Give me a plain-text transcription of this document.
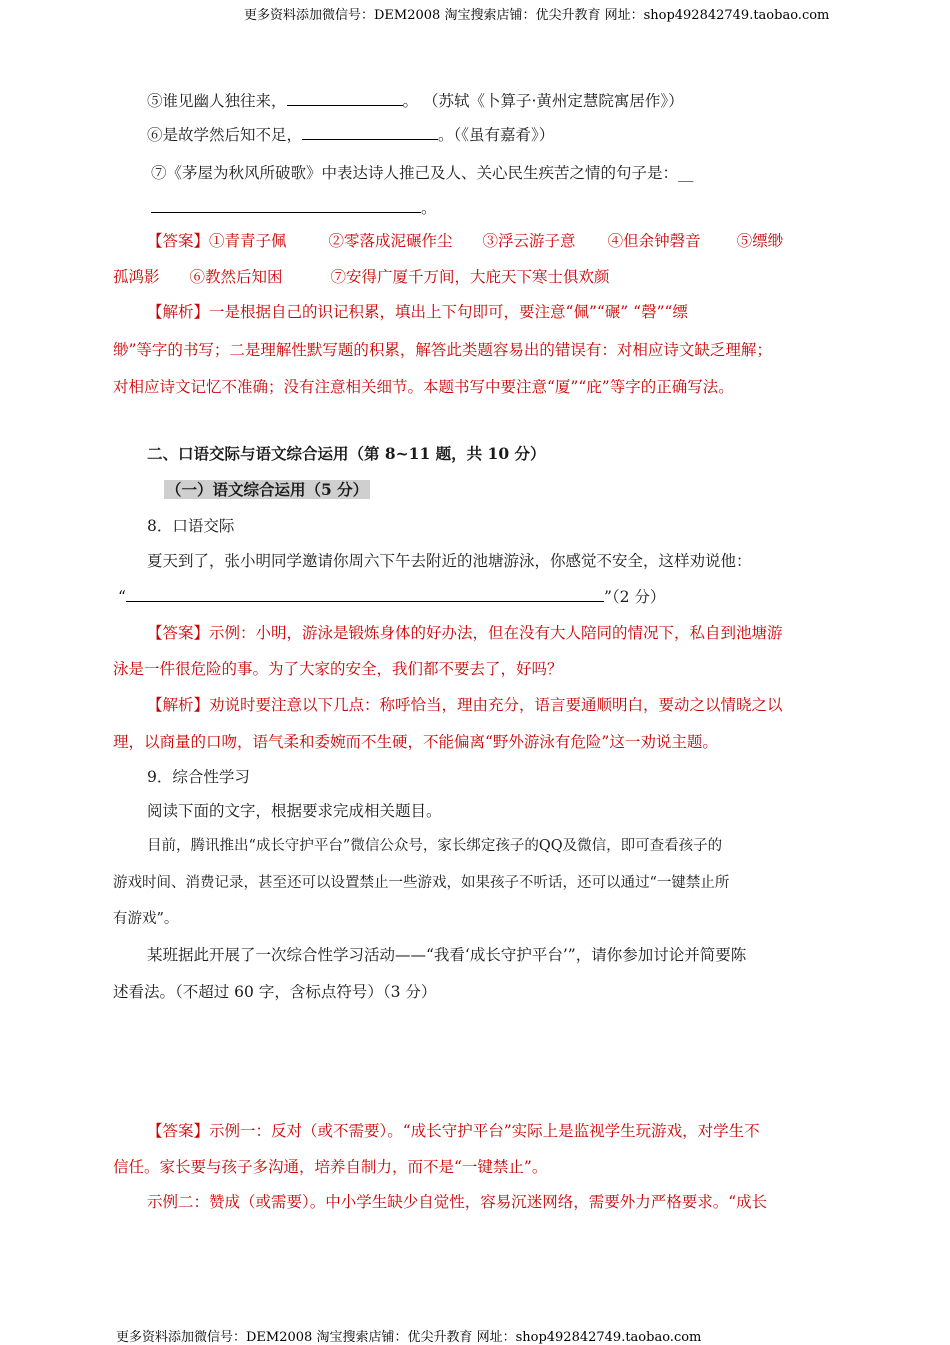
更多资料添加微信号：DEM2008 淘宝搜索店铺：优尖升教育 网址：shop492842749.taobao.com
⑤谁见幽人独往来，	。 （苏轼《卜算子·黄州定慧院寓居作》）
⑥是故学然后知不足，	。（《虽有嘉肴》）
⑦《茅屋为秋风所破歌》中表达诗人推己及人、关心民生疾苦之情的句子是：__
。
【答案】①青青子佩	②零落成泥碾作尘 ③浮云游子意 ④但余钟磬音 ⑤缥缈
孤鸿影 ⑥教然后知困	⑦安得广厦千万间，大庇天下寒士俱欢颜
【解析】一是根据自己的识记积累，填出上下句即可，要注意“佩”“碾” “磬”“缥
缈”等字的书写；二是理解性默写题的积累，解答此类题容易出的错误有：对相应诗文缺乏理解；
对相应诗文记忆不准确；没有注意相关细节。本题书写中要注意“厦”“庇”等字的正确写法。
二、口语交际与语文综合运用（第 8~11 题，共 10 分）
（一）语文综合运用（5 分）
8．口语交际
夏天到了，张小明同学邀请你周六下午去附近的池塘游泳，你感觉不安全，这样劝说他：
“	”（2 分）
【答案】示例：小明，游泳是锻炼身体的好办法，但在没有大人陪同的情况下，私自到池塘游
泳是一件很危险的事。为了大家的安全，我们都不要去了，好吗？
【解析】劝说时要注意以下几点：称呼恰当，理由充分，语言要通顺明白，要动之以情晓之以
理，以商量的口吻，语气柔和委婉而不生硬，不能偏离“野外游泳有危险”这一劝说主题。
9．综合性学习
阅读下面的文字，根据要求完成相关题目。
目前，腾讯推出“成长守护平台”微信公众号，家长绑定孩子的QQ及微信，即可查看孩子的
游戏时间、消费记录，甚至还可以设置禁止一些游戏，如果孩子不听话，还可以通过“一键禁止所
有游戏”。
某班据此开展了一次综合性学习活动——“我看‘成长守护平台’”，请你参加讨论并简要陈
述看法。（不超过 60 字，含标点符号）（3 分）
【答案】示例一：反对（或不需要）。“成长守护平台”实际上是监视学生玩游戏，对学生不
信任。家长要与孩子多沟通，培养自制力，而不是“一键禁止”。
示例二：赞成（或需要）。中小学生缺少自觉性，容易沉迷网络，需要外力严格要求。“成长
更多资料添加微信号：DEM2008 淘宝搜索店铺：优尖升教育 网址：shop492842749.taobao.com
